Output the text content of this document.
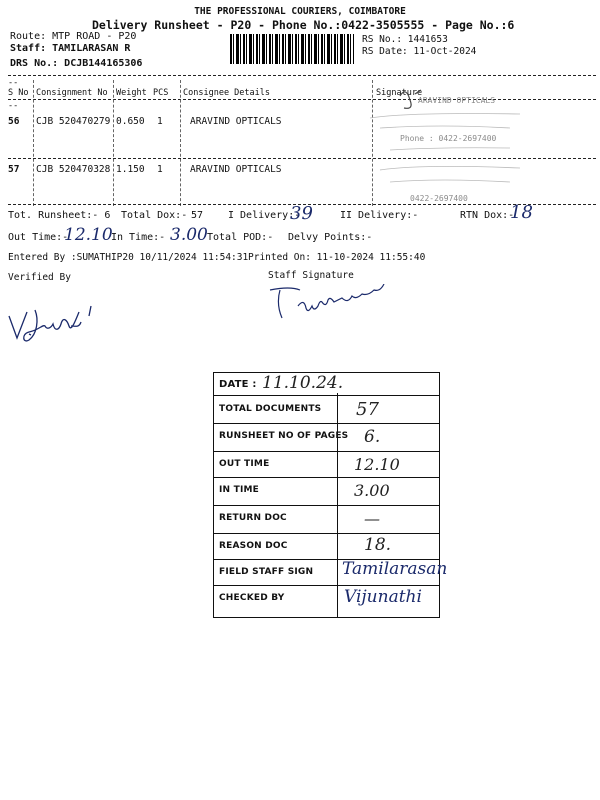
THE PROFESSIONAL COURIERS, COIMBATORE
Delivery Runsheet - P20 - Phone No.:0422-3505555 - Page No.:6
Route: MTP ROAD - P20
Staff: TAMILARASAN R
DRS No.: DCJB144165306
RS No.: 1441653
RS Date: 11-Oct-2024
--
S No Consignment No Weight PCS Consignee Details	Signature
--
56 CJB 520470279 0.650 1	ARAVIND OPTICALS
57 CJB 520470328 1.150 1	ARAVIND OPTICALS
ARAVIND OPTICALS
Phone : 0422-2697400
0422-2697400
Tot. Runsheet:- 6 Total Dox:- 57 I Delivery:-
39	II Delivery:-	RTN Dox:-
18
Out Time:-
12.10
In Time:- 3.00 Total POD:- Delvy Points:-
Entered By :SUMATHIP20 10/11/2024 11:54:31 Printed On: 11-10-2024 11:55:40
Verified By	Staff Signature
DATE : 11.10.24.
TOTAL DOCUMENTS 57
RUNSHEET NO OF PAGES 6.
OUT TIME	12.10
IN TIME	3.00
RETURN DOC	—
REASON DOC	18.
FIELD STAFF SIGN Tamilarasan
CHECKED BY	Vijunathi
